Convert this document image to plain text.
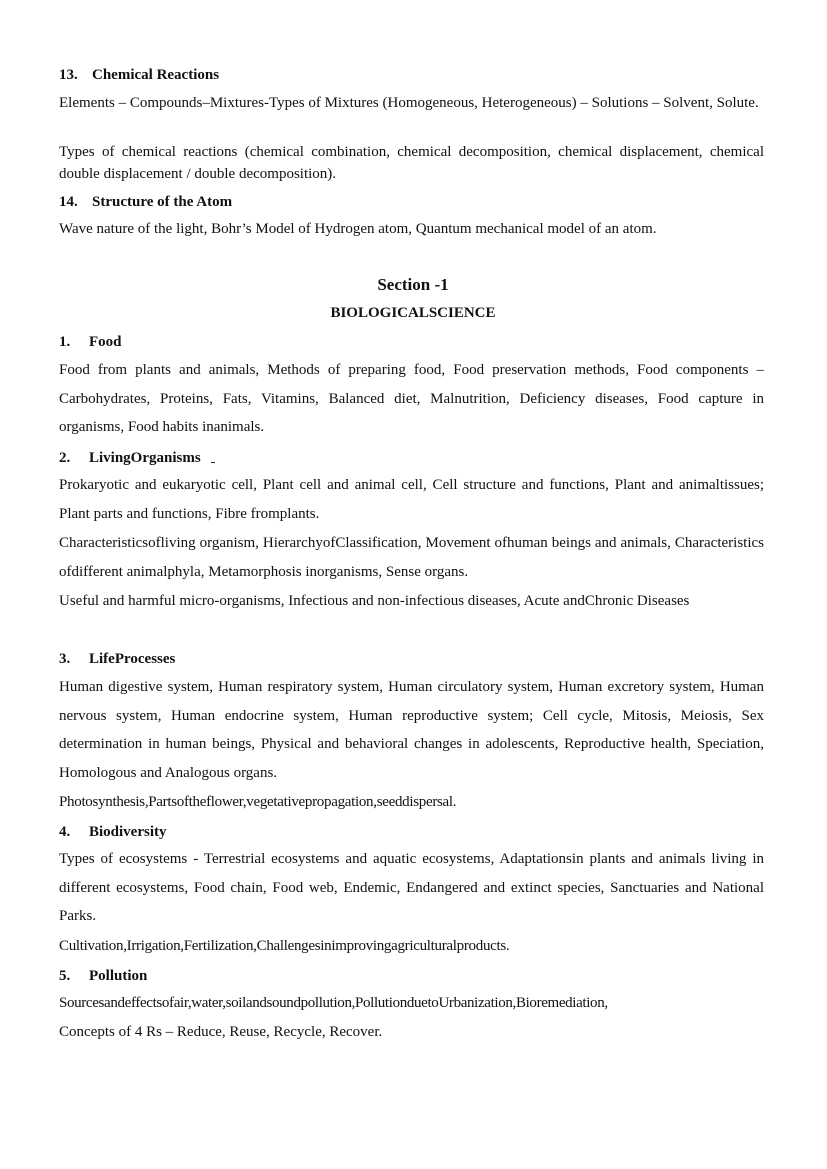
13. Chemical Reactions
Elements – Compounds–Mixtures-Types of Mixtures (Homogeneous, Heterogeneous) – Solutions – Solvent, Solute.
Types of chemical reactions (chemical combination, chemical decomposition, chemical displacement, chemical double displacement / double decomposition).
14. Structure of the Atom
Wave nature of the light, Bohr’s Model of Hydrogen atom, Quantum mechanical model of an atom.
Section -1
BIOLOGICALSCIENCE
1. Food
Food from plants and animals, Methods of preparing food, Food preservation methods, Food components – Carbohydrates, Proteins, Fats, Vitamins, Balanced diet, Malnutrition, Deficiency diseases, Food capture in organisms, Food habits inanimals.
2. LivingOrganisms
Prokaryotic and eukaryotic cell, Plant cell and animal cell, Cell structure and functions, Plant and animaltissues; Plant parts and functions, Fibre fromplants.
Characteristicsofliving organism, HierarchyofClassification, Movement ofhuman beings and animals, Characteristics ofdifferent animalphyla, Metamorphosis inorganisms, Sense organs.
Useful and harmful micro-organisms, Infectious and non-infectious diseases, Acute andChronic Diseases
3. LifeProcesses
Human digestive system, Human respiratory system, Human circulatory system, Human excretory system, Human nervous system, Human endocrine system, Human reproductive system; Cell cycle, Mitosis, Meiosis, Sex determination in human beings, Physical and behavioral changes in adolescents, Reproductive health, Speciation, Homologous and Analogous organs.
Photosynthesis,Partsoftheflower,vegetativepropagation,seeddispersal.
4. Biodiversity
Types of ecosystems - Terrestrial ecosystems and aquatic ecosystems, Adaptationsin plants and animals living in different ecosystems, Food chain, Food web, Endemic, Endangered and extinct species, Sanctuaries and National Parks.
Cultivation,Irrigation,Fertilization,Challengesinimprovingagriculturalproducts.
5. Pollution
Sourcesandeffectsofair,water,soilandsoundpollution,PollutionduetoUrbanization,Bioremediation,
Concepts of 4 Rs – Reduce, Reuse, Recycle, Recover.
